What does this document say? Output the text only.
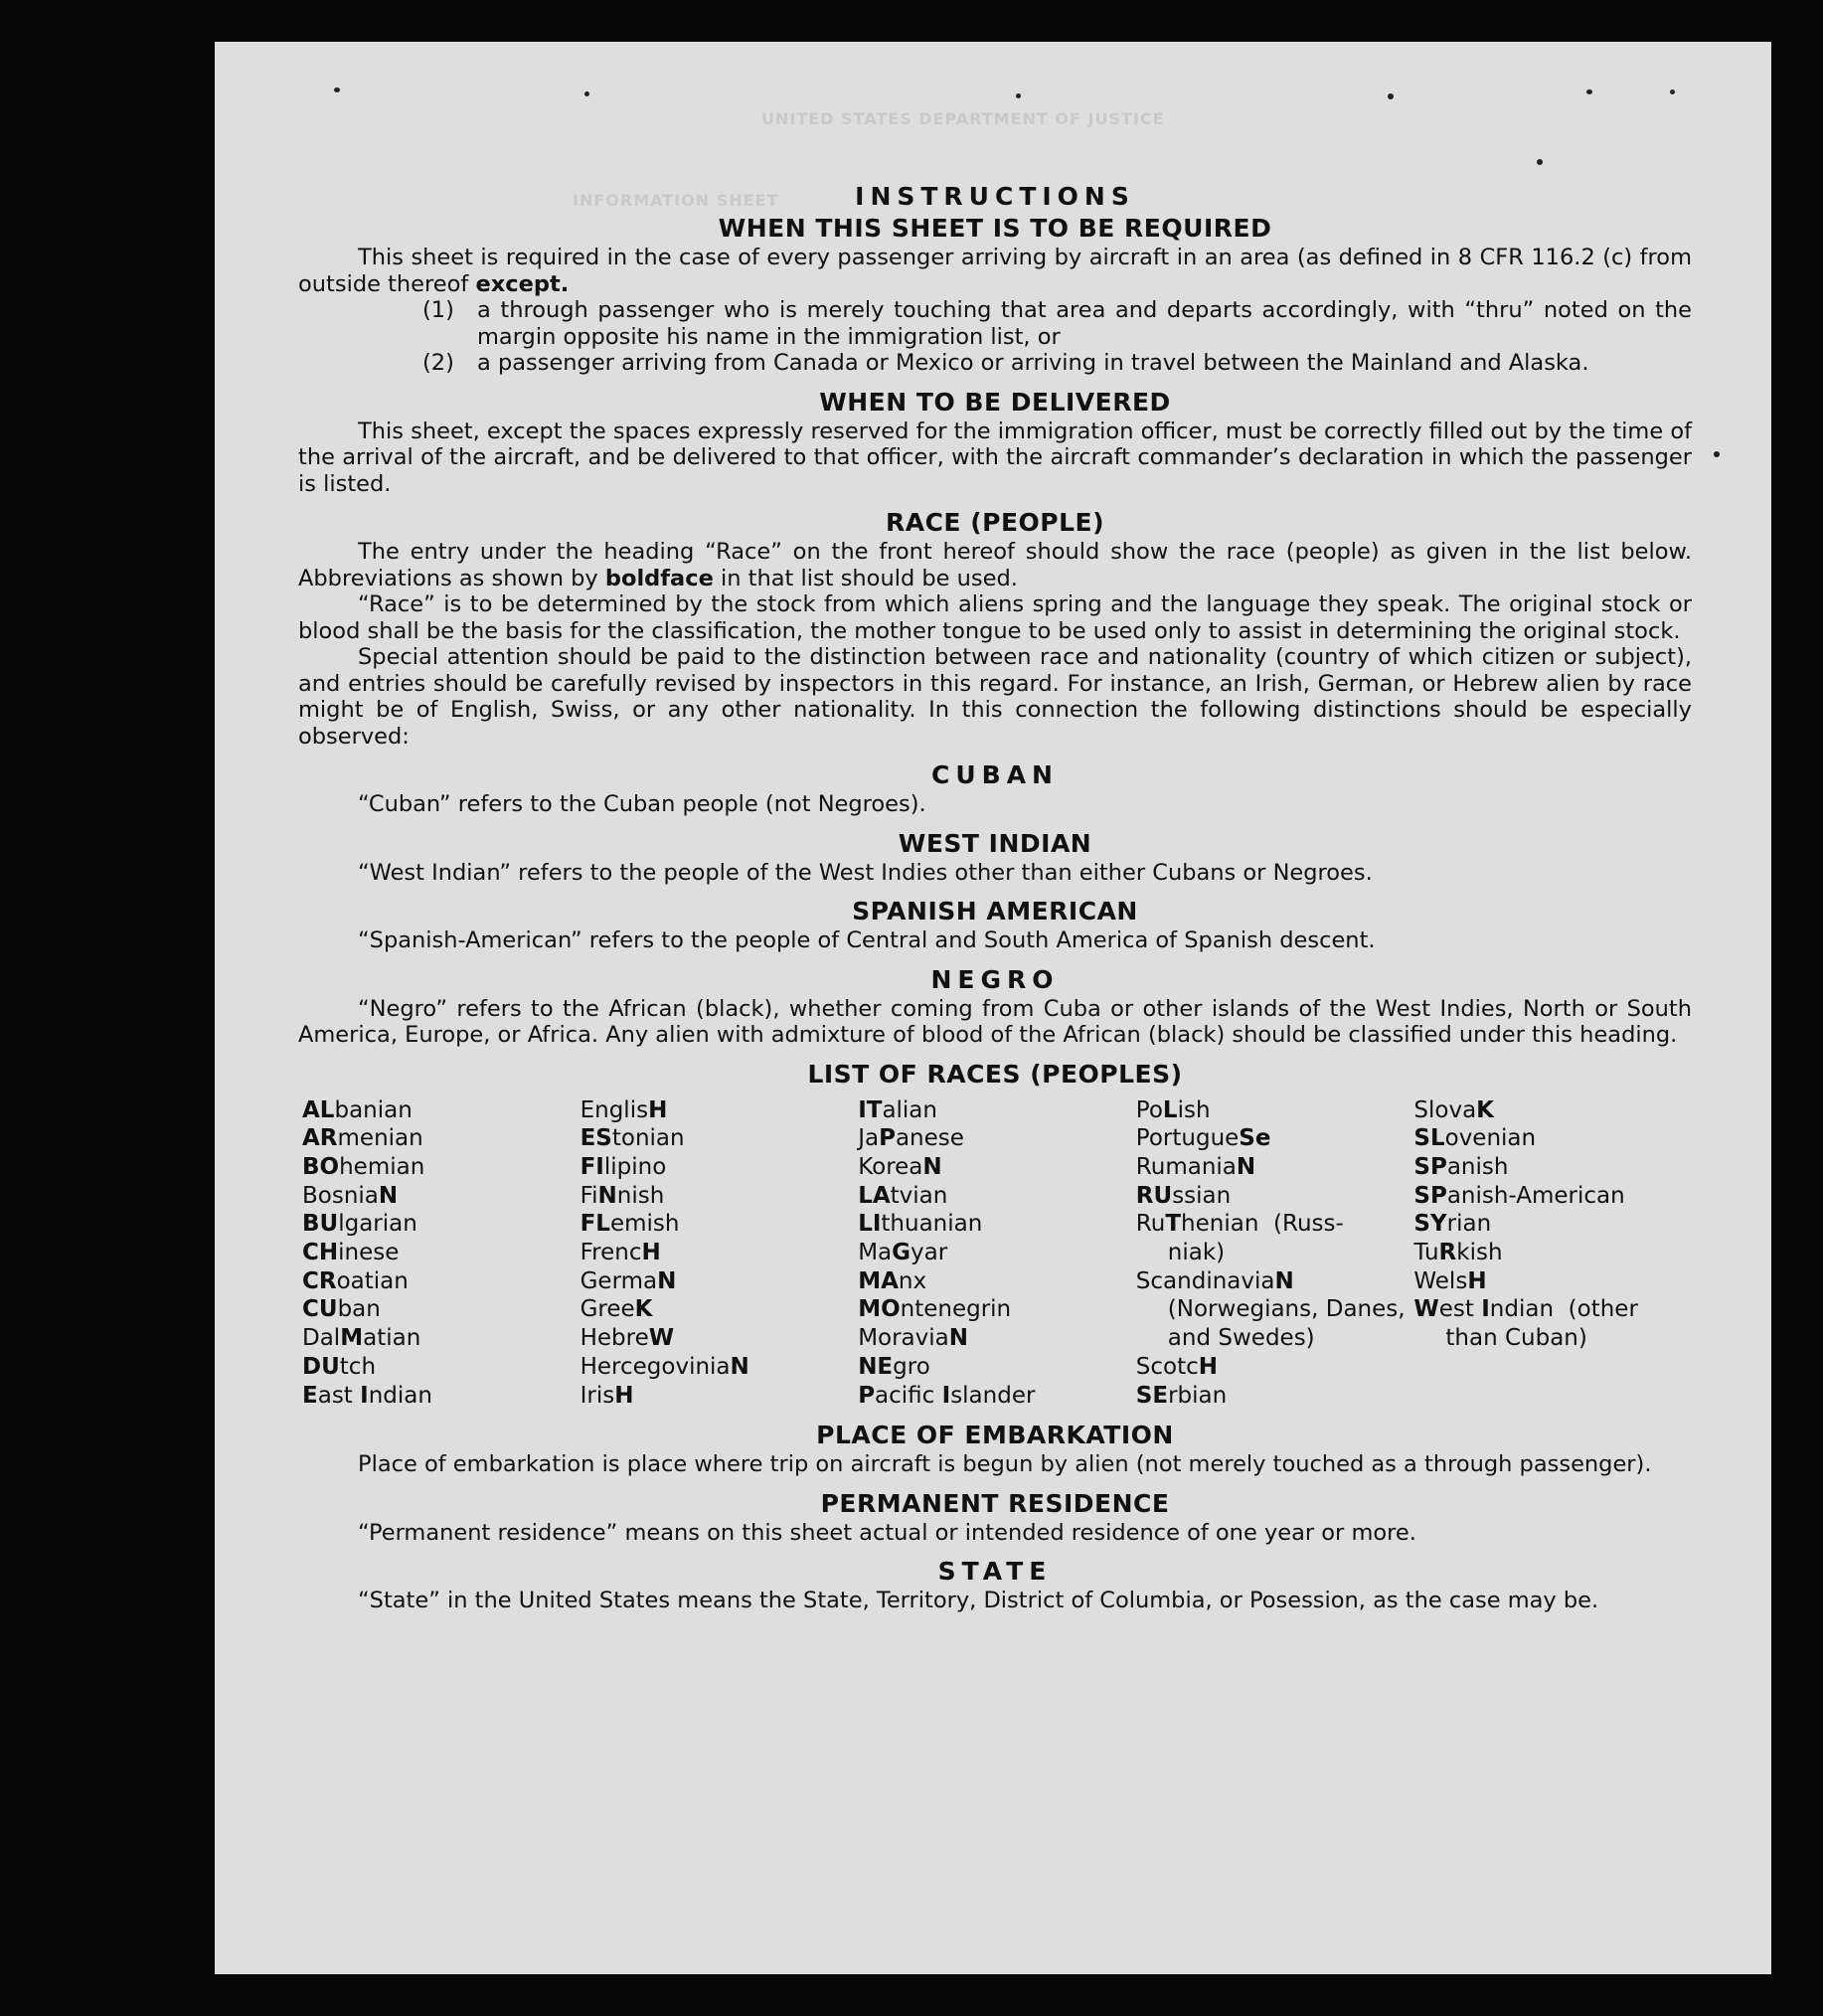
UNITED STATES DEPARTMENT OF JUSTICE
INFORMATION SHEET	INSTRUCTIONS
WHEN THIS SHEET IS TO BE REQUIRED

This sheet is required in the case of every passenger arriving by aircraft in an area (as defined in 8 CFR 116.2 (c) from outside thereof except.

(1)	a through passenger who is merely touching that area and departs accordingly, with “thru” noted on the margin opposite his name in the immigration list, or
(2)	a passenger arriving from Canada or Mexico or arriving in travel between the Mainland and Alaska.
WHEN TO BE DELIVERED

This sheet, except the spaces expressly reserved for the immigration officer, must be correctly filled out by the time of the arrival of the aircraft, and be delivered to that officer, with the aircraft commander’s declaration in which the passenger is listed.

RACE (PEOPLE)

The entry under the heading “Race” on the front hereof should show the race (people) as given in the list below. Abbreviations as shown by boldface in that list should be used.

“Race” is to be determined by the stock from which aliens spring and the language they speak. The original stock or blood shall be the basis for the classification, the mother tongue to be used only to assist in determining the original stock.

Special attention should be paid to the distinction between race and nationality (country of which citizen or subject), and entries should be carefully revised by inspectors in this regard. For instance, an Irish, German, or Hebrew alien by race might be of English, Swiss, or any other nationality. In this connection the following distinctions should be especially observed:

CUBAN

“Cuban” refers to the Cuban people (not Negroes).

WEST INDIAN

“West Indian” refers to the people of the West Indies other than either Cubans or Negroes.

SPANISH AMERICAN

“Spanish-American” refers to the people of Central and South America of Spanish descent.

NEGRO

“Negro” refers to the African (black), whether coming from Cuba or other islands of the West Indies, North or South America, Europe, or Africa. Any alien with admixture of blood of the African (black) should be classified under this heading.

LIST OF RACES (PEOPLES)
ALbanian
ARmenian
BOhemian
BosniaN
BUlgarian
CHinese
CRoatian
CUban
DalMatian
DUtch
East Indian
EnglisH
EStonian
FIlipino
FiNnish
FLemish
FrencH
GermaN
GreeK
HebreW
HercegoviniaN
IrisH
ITalian
JaPanese
KoreaN
LAtvian
LIthuanian
MaGyar
MAnx
MOntenegrin
MoraviaN
NEgro
Pacific Islander
PoLish
PortugueSe
RumaniaN
RUssian
RuThenian  (Russ-
niak)
ScandinaviaN
(Norwegians, Danes, and Swedes)
ScotcH
SErbian
SlovaK
SLovenian
SPanish
SPanish-American
SYrian
TuRkish
WelsH
West Indian  (other
than Cuban)
PLACE OF EMBARKATION

Place of embarkation is place where trip on aircraft is begun by alien (not merely touched as a through passenger).

PERMANENT RESIDENCE

“Permanent residence” means on this sheet actual or intended residence of one year or more.

STATE

“State” in the United States means the State, Territory, District of Columbia, or Posession, as the case may be.
